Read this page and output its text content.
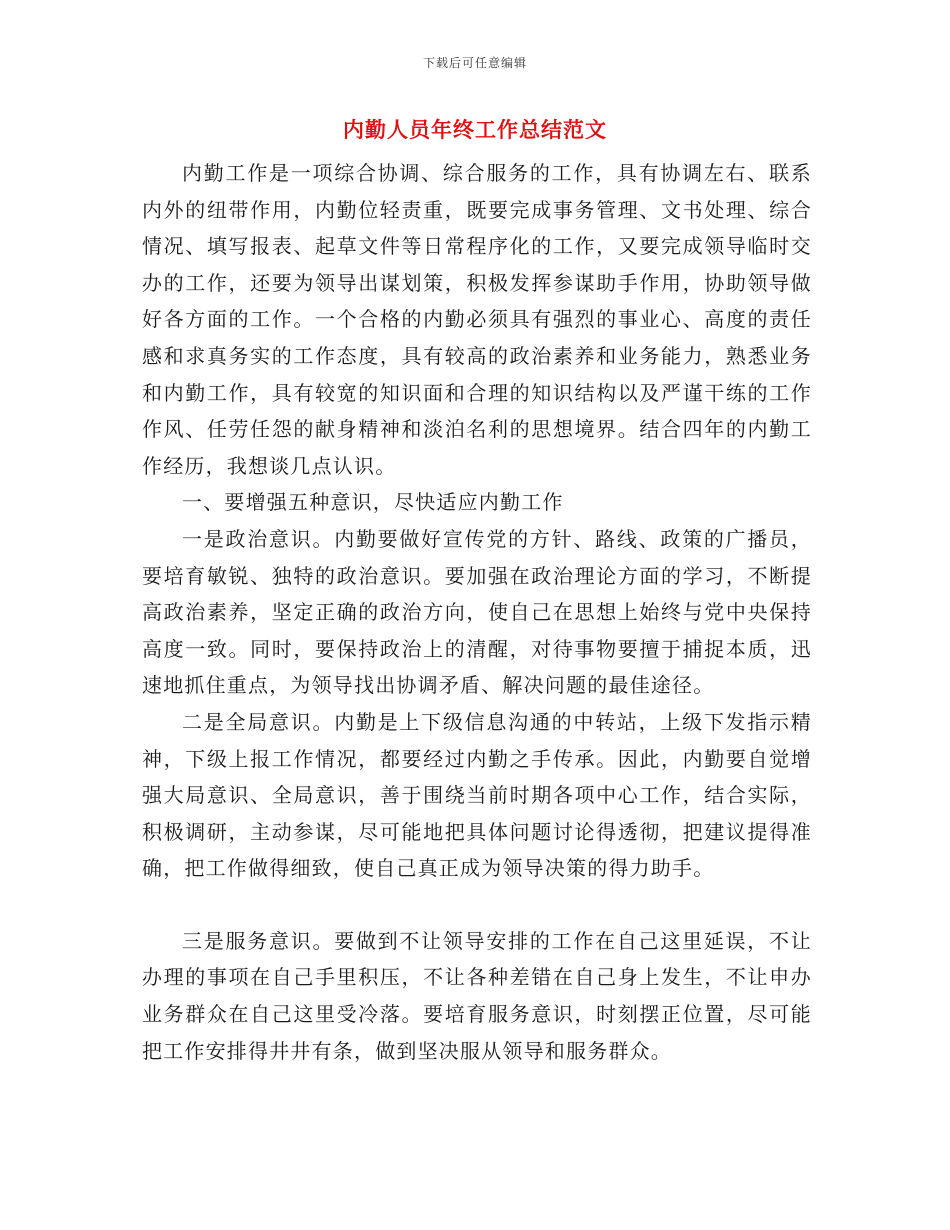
下载后可任意编辑
内勤人员年终工作总结范文

内勤工作是一项综合协调、综合服务的工作，具有协调左右、联系内外的纽带作用，内勤位轻责重，既要完成事务管理、文书处理、综合情况、填写报表、起草文件等日常程序化的工作，又要完成领导临时交办的工作，还要为领导出谋划策，积极发挥参谋助手作用，协助领导做好各方面的工作。一个合格的内勤必须具有强烈的事业心、高度的责任感和求真务实的工作态度，具有较高的政治素养和业务能力，熟悉业务和内勤工作，具有较宽的知识面和合理的知识结构以及严谨干练的工作作风、任劳任怨的献身精神和淡泊名利的思想境界。结合四年的内勤工作经历，我想谈几点认识。

一、要增强五种意识，尽快适应内勤工作

一是政治意识。内勤要做好宣传党的方针、路线、政策的广播员，要培育敏锐、独特的政治意识。要加强在政治理论方面的学习，不断提高政治素养，坚定正确的政治方向，使自己在思想上始终与党中央保持高度一致。同时，要保持政治上的清醒，对待事物要擅于捕捉本质，迅速地抓住重点，为领导找出协调矛盾、解决问题的最佳途径。

二是全局意识。内勤是上下级信息沟通的中转站，上级下发指示精神，下级上报工作情况，都要经过内勤之手传承。因此，内勤要自觉增强大局意识、全局意识，善于围绕当前时期各项中心工作，结合实际，积极调研，主动参谋，尽可能地把具体问题讨论得透彻，把建议提得准确，把工作做得细致，使自己真正成为领导决策的得力助手。

三是服务意识。要做到不让领导安排的工作在自己这里延误，不让办理的事项在自己手里积压，不让各种差错在自己身上发生，不让申办业务群众在自己这里受冷落。要培育服务意识，时刻摆正位置，尽可能把工作安排得井井有条，做到坚决服从领导和服务群众。
